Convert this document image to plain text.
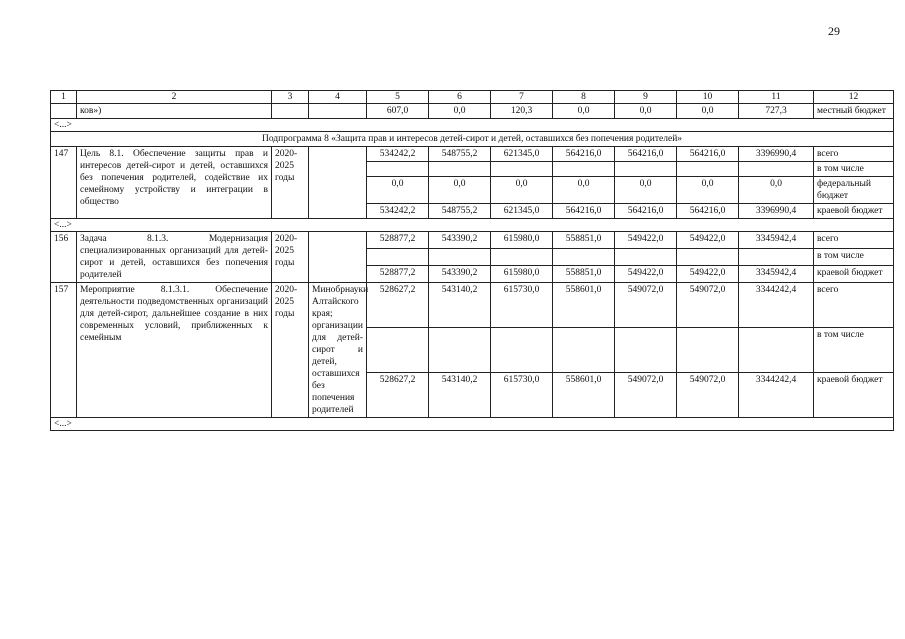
29
1	2	3	4	5	6	7	8	9	10	11	12
	ков»)			607,0	0,0	120,3	0,0	0,0	0,0	727,3	местный бюджет
<...>											
Подпрограмма 8 «Защита прав и интересов детей-сирот и детей, оставшихся без попечения родителей»											
147	Цель 8.1. Обеспечение защиты прав и интересов детей-сирот и детей, оставшихся без попечения родителей, содействие их семейному устройству и интеграции в общество	2020-2025 годы		534242,2	548755,2	621345,0	564216,0	564216,0	564216,0	3396990,4	всего
											в том числе
				0,0	0,0	0,0	0,0	0,0	0,0	0,0	федеральный бюджет
				534242,2	548755,2	621345,0	564216,0	564216,0	564216,0	3396990,4	краевой бюджет
<...>											
156	Задача 8.1.3. Модернизация специализированных организаций для детей-сирот и детей, оставшихся без попечения родителей	2020-2025 годы		528877,2	543390,2	615980,0	558851,0	549422,0	549422,0	3345942,4	всего
											в том числе
				528877,2	543390,2	615980,0	558851,0	549422,0	549422,0	3345942,4	краевой бюджет
157	Мероприятие 8.1.3.1. Обеспечение деятельности подведомственных организаций для детей-сирот, дальнейшее создание в них современных условий, приближенных к семейным	2020-2025 годы	Минобрнауки Алтайского края; организации для детей-сирот и детей, оставшихся без попечения родителей	528627,2	543140,2	615730,0	558601,0	549072,0	549072,0	3344242,4	всего
											в том числе
				528627,2	543140,2	615730,0	558601,0	549072,0	549072,0	3344242,4	краевой бюджет
<...>											
